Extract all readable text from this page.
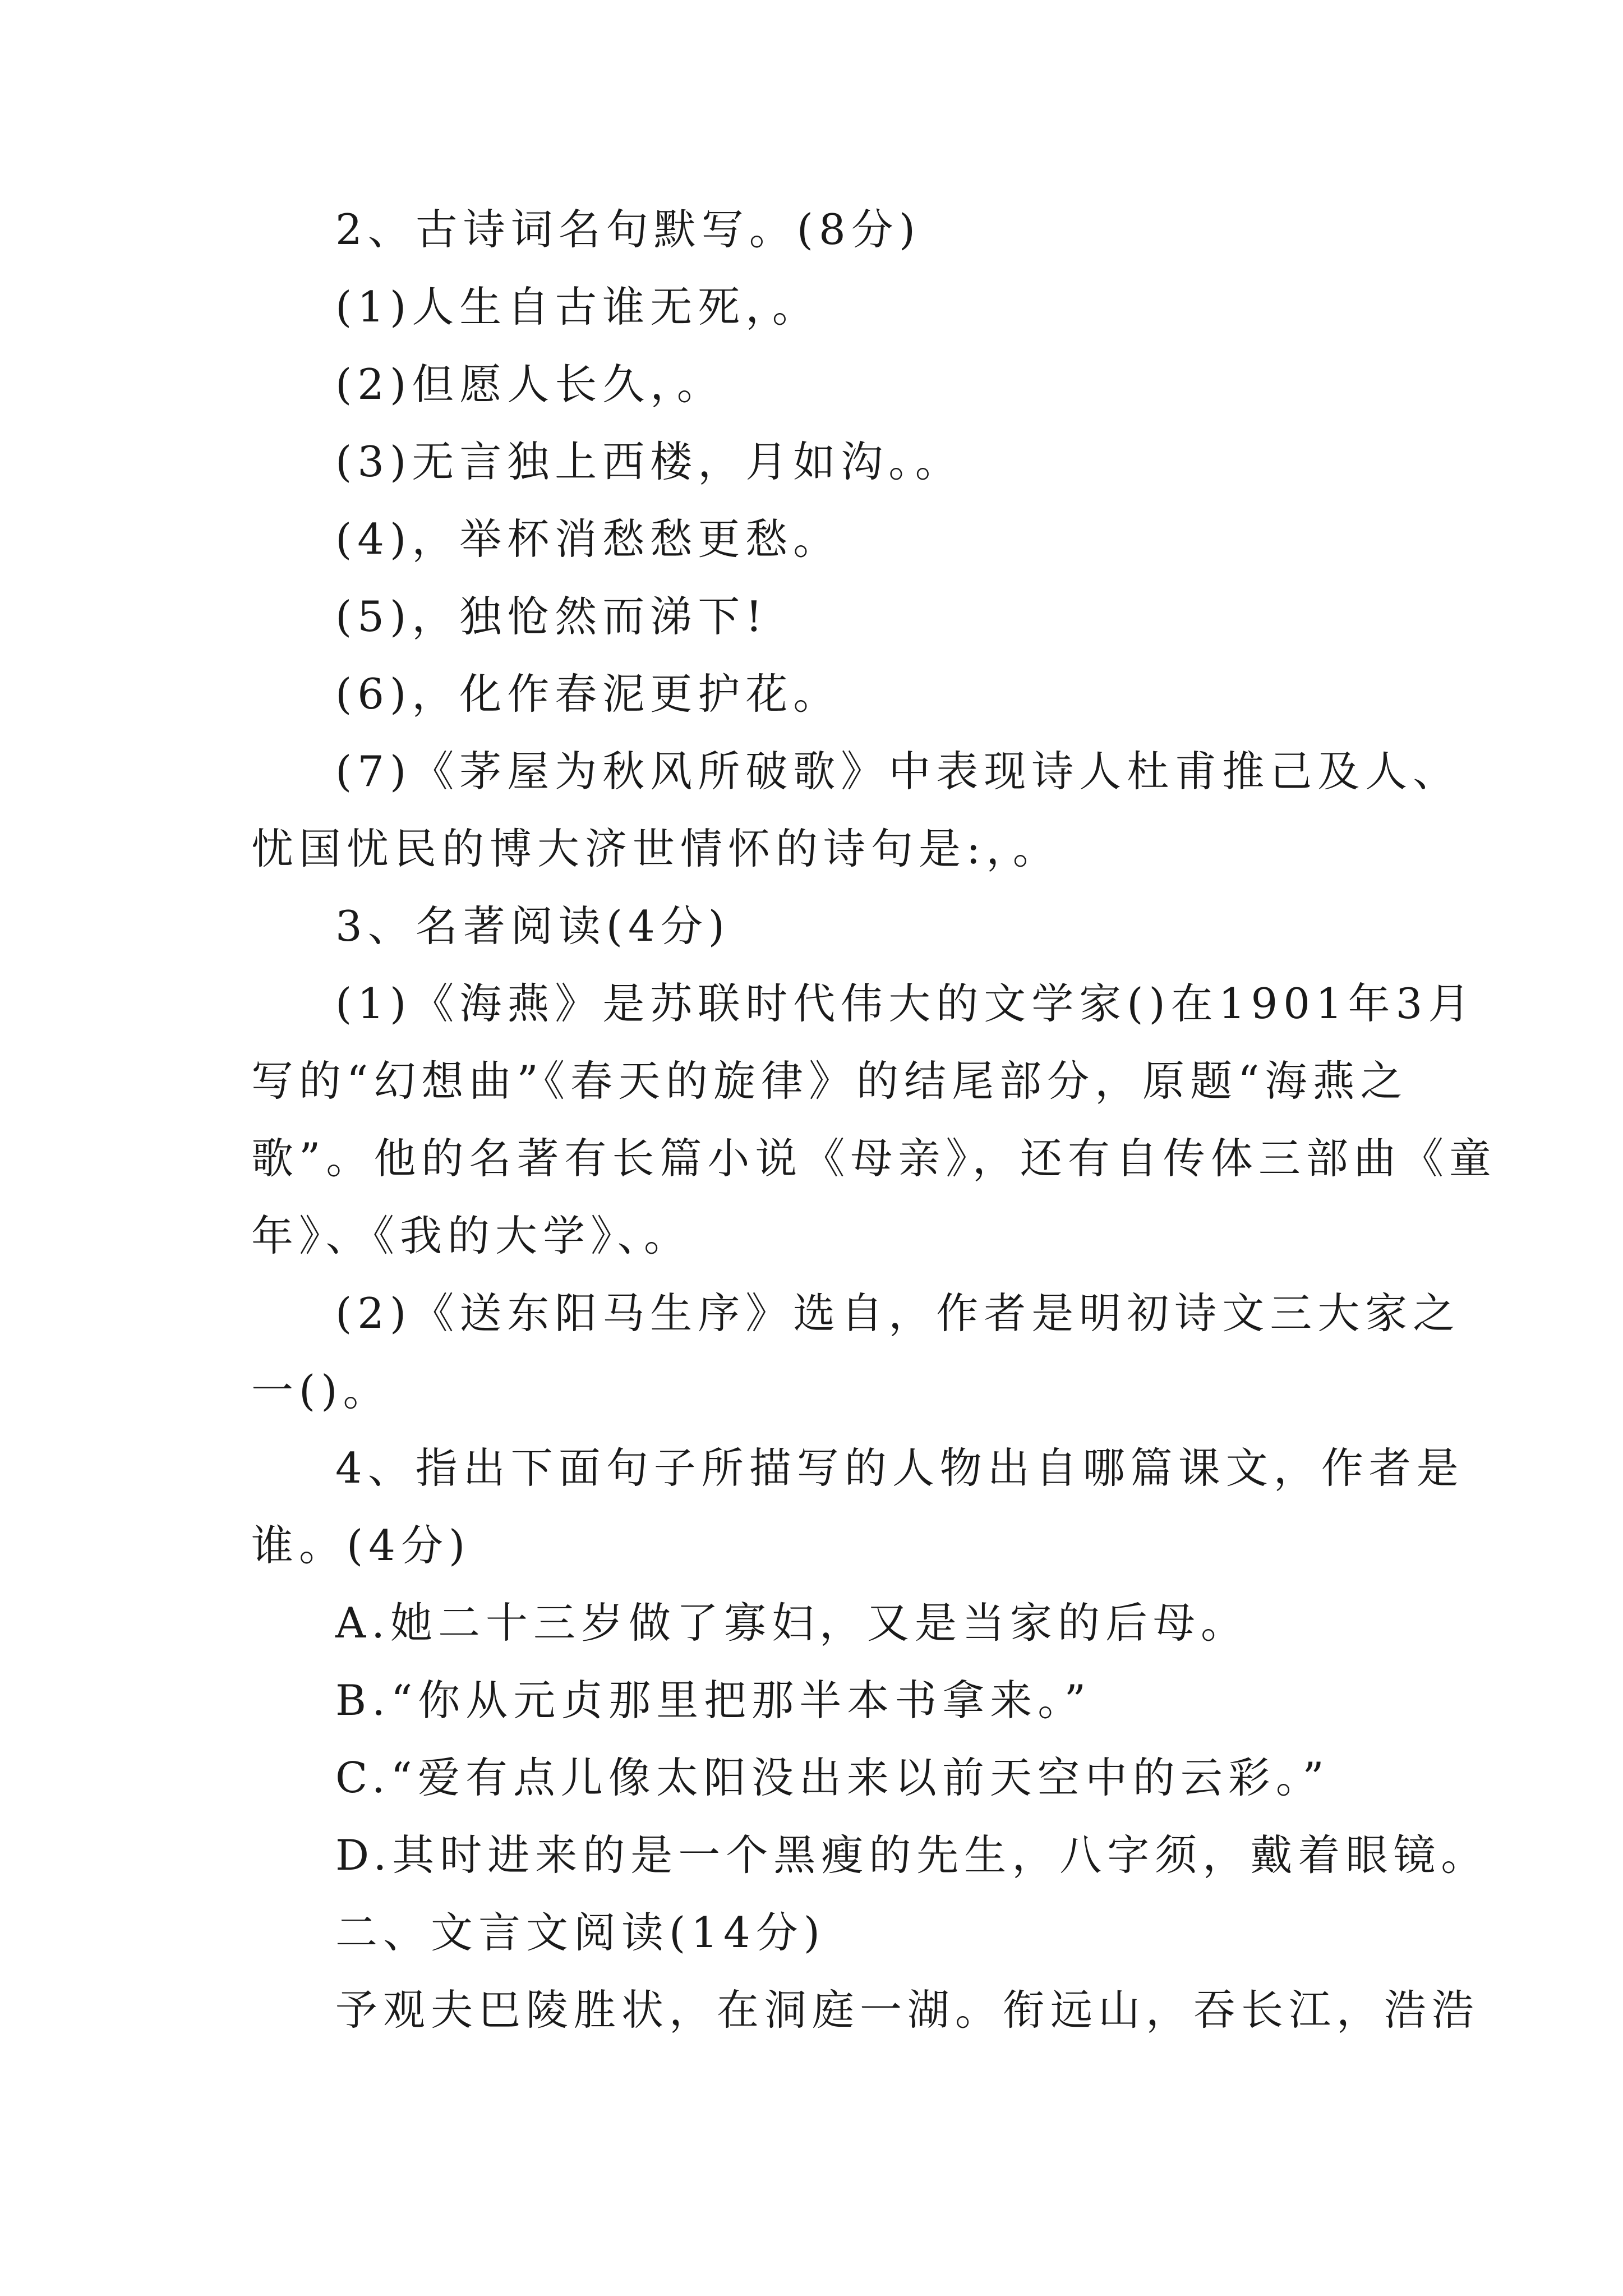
2、古诗词名句默写。(8分)
(1)人生自古谁无死，。
(2)但愿人长久，。
(3)无言独上西楼，月如沟。。
(4)，举杯消愁愁更愁。
(5)，独怆然而涕下!
(6)，化作春泥更护花。
(7)《茅屋为秋风所破歌》中表现诗人杜甫推己及人、
忧国忧民的博大济世情怀的诗句是:，。
3、名著阅读(4分)
(1)《海燕》是苏联时代伟大的文学家()在1901年3月
写的“幻想曲”《春天的旋律》的结尾部分，原题“海燕之
歌”。他的名著有长篇小说《母亲》，还有自传体三部曲《童
年》、《我的大学》、。
(2)《送东阳马生序》选自，作者是明初诗文三大家之
一()。
4、指出下面句子所描写的人物出自哪篇课文，作者是
谁。(4分)
A.她二十三岁做了寡妇，又是当家的后母。
B.“你从元贞那里把那半本书拿来。”
C.“爱有点儿像太阳没出来以前天空中的云彩。”
D.其时进来的是一个黑瘦的先生，八字须，戴着眼镜。
二、文言文阅读(14分)
予观夫巴陵胜状，在洞庭一湖。衔远山，吞长江，浩浩
